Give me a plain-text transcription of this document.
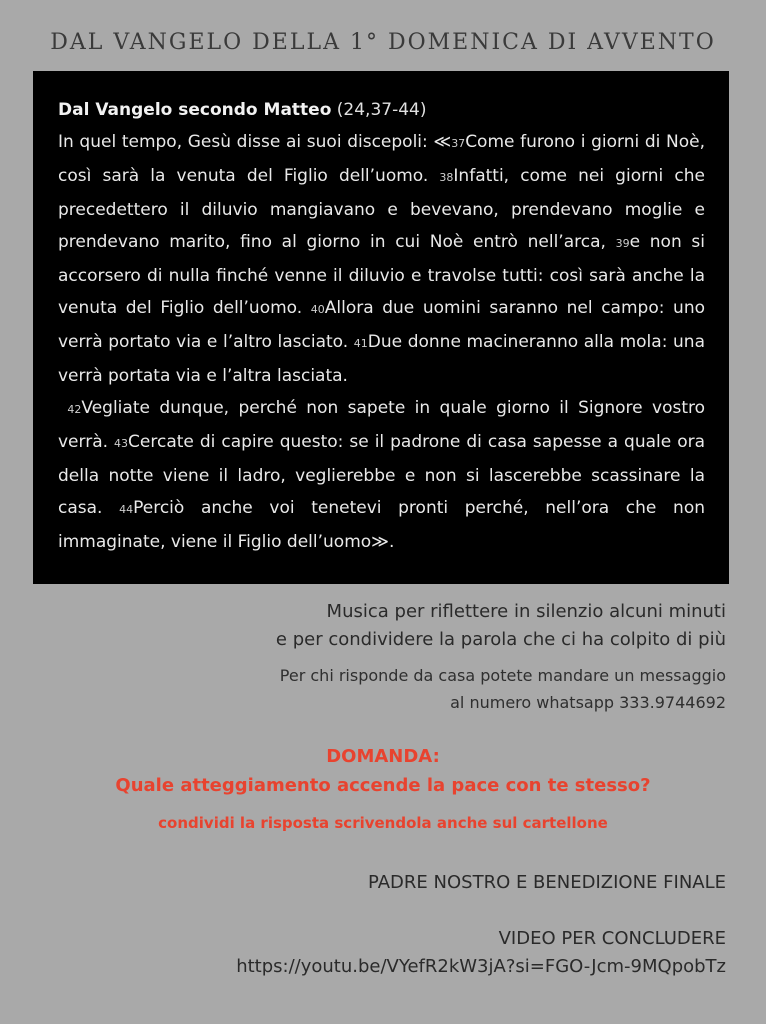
DAL VANGELO DELLA 1° DOMENICA DI AVVENTO

Dal Vangelo secondo Matteo (24,37-44)
In quel tempo, Gesù disse ai suoi discepoli: ≪37Come furono i giorni di Noè, così sarà la venuta del Figlio dell’uomo. 38Infatti, come nei giorni che precedettero il diluvio mangiavano e bevevano, prendevano moglie e prendevano marito, fino al giorno in cui Noè entrò nell’arca, 39e non si accorsero di nulla finché venne il diluvio e travolse tutti: così sarà anche la venuta del Figlio dell’uomo. 40Allora due uomini saranno nel campo: uno verrà portato via e l’altro lasciato. 41Due donne macineranno alla mola: una verrà portata via e l’altra lasciata.

42Vegliate dunque, perché non sapete in quale giorno il Signore vostro verrà. 43Cercate di capire questo: se il padrone di casa sapesse a quale ora della notte viene il ladro, veglierebbe e non si lascerebbe scassinare la casa. 44Perciò anche voi tenetevi pronti perché, nell’ora che non immaginate, viene il Figlio dell’uomo≫.

Musica per riflettere in silenzio alcuni minuti
e per condividere la parola che ci ha colpito di più
Per chi risponde da casa potete mandare un messaggio
al numero whatsapp 333.9744692
DOMANDA:
Quale atteggiamento accende la pace con te stesso?
condividi la risposta scrivendola anche sul cartellone
PADRE NOSTRO E BENEDIZIONE FINALE
VIDEO PER CONCLUDERE
https://youtu.be/VYefR2kW3jA?si=FGO-Jcm-9MQpobTz
